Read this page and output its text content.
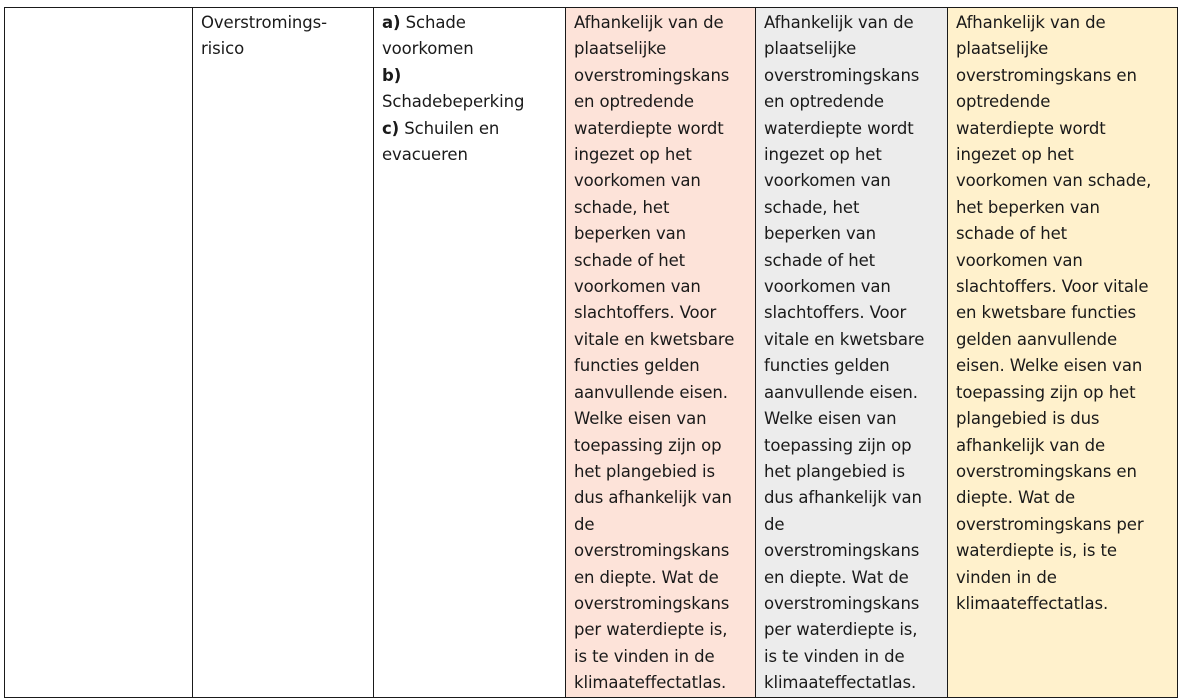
Overstromings-
risico

a) Schade
voorkomen
b)
Schadebeperking
c) Schuilen en
evacueren

Afhankelijk van de
plaatselijke
overstromingskans
en optredende
waterdiepte wordt
ingezet op het
voorkomen van
schade, het
beperken van
schade of het
voorkomen van
slachtoffers. Voor
vitale en kwetsbare
functies gelden
aanvullende eisen.
Welke eisen van
toepassing zijn op
het plangebied is
dus afhankelijk van
de
overstromingskans
en diepte. Wat de
overstromingskans
per waterdiepte is,
is te vinden in de
klimaateffectatlas.

Afhankelijk van de
plaatselijke
overstromingskans
en optredende
waterdiepte wordt
ingezet op het
voorkomen van
schade, het
beperken van
schade of het
voorkomen van
slachtoffers. Voor
vitale en kwetsbare
functies gelden
aanvullende eisen.
Welke eisen van
toepassing zijn op
het plangebied is
dus afhankelijk van
de
overstromingskans
en diepte. Wat de
overstromingskans
per waterdiepte is,
is te vinden in de
klimaateffectatlas.

Afhankelijk van de
plaatselijke
overstromingskans en
optredende
waterdiepte wordt
ingezet op het
voorkomen van schade,
het beperken van
schade of het
voorkomen van
slachtoffers. Voor vitale
en kwetsbare functies
gelden aanvullende
eisen. Welke eisen van
toepassing zijn op het
plangebied is dus
afhankelijk van de
overstromingskans en
diepte. Wat de
overstromingskans per
waterdiepte is, is te
vinden in de
klimaateffectatlas.
